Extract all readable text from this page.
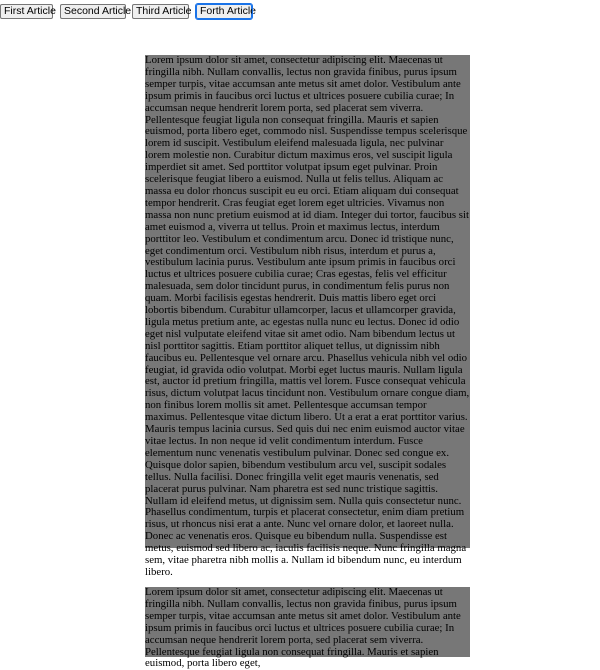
First Article Second Article Third Article Forth Article
Lorem ipsum dolor sit amet, consectetur adipiscing elit. Maecenas ut fringilla nibh. Nullam convallis, lectus non gravida finibus, purus ipsum semper turpis, vitae accumsan ante metus sit amet dolor. Vestibulum ante ipsum primis in faucibus orci luctus et ultrices posuere cubilia curae; In accumsan neque hendrerit lorem porta, sed placerat sem viverra. Pellentesque feugiat ligula non consequat fringilla. Mauris et sapien euismod, porta libero eget, commodo nisl. Suspendisse tempus scelerisque lorem id suscipit. Vestibulum eleifend malesuada ligula, nec pulvinar lorem molestie non. Curabitur dictum maximus eros, vel suscipit ligula imperdiet sit amet. Sed porttitor volutpat ipsum eget pulvinar. Proin scelerisque feugiat libero a euismod. Nulla ut felis tellus. Aliquam ac massa eu dolor rhoncus suscipit eu eu orci. Etiam aliquam dui consequat tempor hendrerit. Cras feugiat eget lorem eget ultricies. Vivamus non massa non nunc pretium euismod at id diam. Integer dui tortor, faucibus sit amet euismod a, viverra ut tellus. Proin et maximus lectus, interdum porttitor leo. Vestibulum et condimentum arcu. Donec id tristique nunc, eget condimentum orci. Vestibulum nibh risus, interdum et purus a, vestibulum lacinia purus. Vestibulum ante ipsum primis in faucibus orci luctus et ultrices posuere cubilia curae; Cras egestas, felis vel efficitur malesuada, sem dolor tincidunt purus, in condimentum felis purus non quam. Morbi facilisis egestas hendrerit. Duis mattis libero eget orci lobortis bibendum. Curabitur ullamcorper, lacus et ullamcorper gravida, ligula metus pretium ante, ac egestas nulla nunc eu lectus. Donec id odio eget nisl vulputate eleifend vitae sit amet odio. Nam bibendum lectus ut nisl porttitor sagittis. Etiam porttitor aliquet tellus, ut dignissim nibh faucibus eu. Pellentesque vel ornare arcu. Phasellus vehicula nibh vel odio feugiat, id gravida odio volutpat. Morbi eget luctus mauris. Nullam ligula est, auctor id pretium fringilla, mattis vel lorem. Fusce consequat vehicula risus, dictum volutpat lacus tincidunt non. Vestibulum ornare congue diam, non finibus lorem mollis sit amet. Pellentesque accumsan tempor maximus. Pellentesque vitae dictum libero. Ut a erat a erat porttitor varius. Mauris tempus lacinia cursus. Sed quis dui nec enim euismod auctor vitae vitae lectus. In non neque id velit condimentum interdum. Fusce elementum nunc venenatis vestibulum pulvinar. Donec sed congue ex. Quisque dolor sapien, bibendum vestibulum arcu vel, suscipit sodales tellus. Nulla facilisi. Donec fringilla velit eget mauris venenatis, sed placerat purus pulvinar. Nam pharetra est sed nunc tristique sagittis. Nullam id eleifend metus, ut dignissim sem. Nulla quis consectetur nunc. Phasellus condimentum, turpis et placerat consectetur, enim diam pretium risus, ut rhoncus nisi erat a ante. Nunc vel ornare dolor, et laoreet nulla. Donec ac venenatis eros. Quisque eu bibendum nulla. Suspendisse est metus, euismod sed libero ac, iaculis facilisis neque. Nunc fringilla magna sem, vitae pharetra nibh mollis a. Nullam id bibendum nunc, eu interdum libero.
Lorem ipsum dolor sit amet, consectetur adipiscing elit. Maecenas ut fringilla nibh. Nullam convallis, lectus non gravida finibus, purus ipsum semper turpis, vitae accumsan ante metus sit amet dolor. Vestibulum ante ipsum primis in faucibus orci luctus et ultrices posuere cubilia curae; In accumsan neque hendrerit lorem porta, sed placerat sem viverra. Pellentesque feugiat ligula non consequat fringilla. Mauris et sapien euismod, porta libero eget,
